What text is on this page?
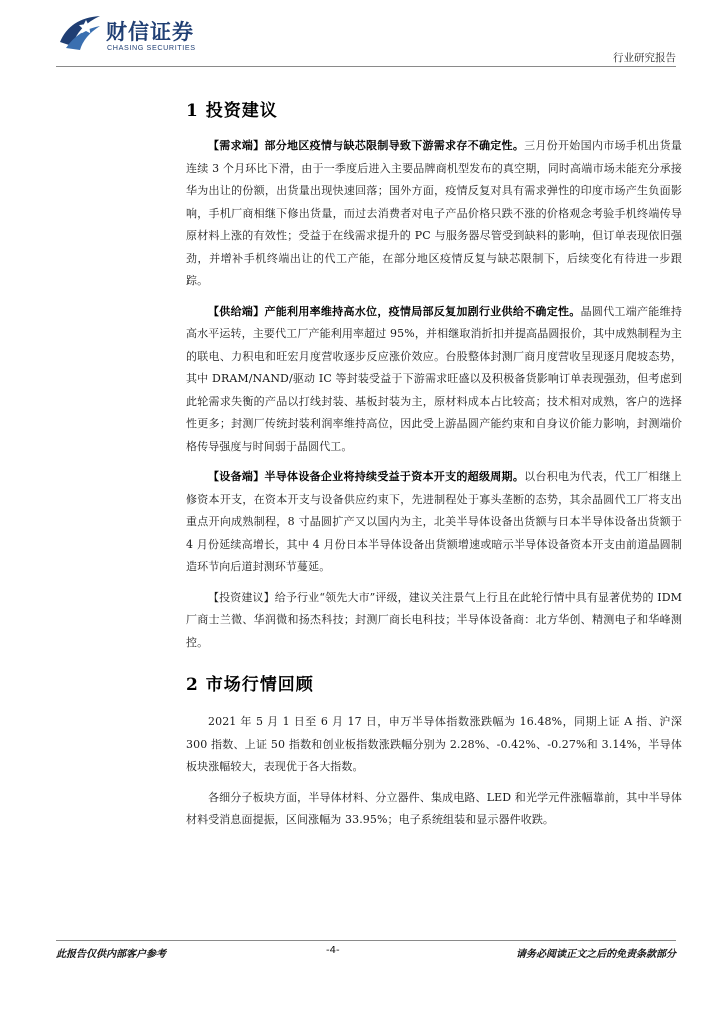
财信证券
CHASING SECURITIES
行业研究报告
1 投资建议

【需求端】部分地区疫情与缺芯限制导致下游需求存不确定性。三月份开始国内市场手机出货量连续 3 个月环比下滑，由于一季度后进入主要品牌商机型发布的真空期，同时高端市场未能充分承接华为出让的份额，出货量出现快速回落；国外方面，疫情反复对具有需求弹性的印度市场产生负面影响，手机厂商相继下修出货量，而过去消费者对电子产品价格只跌不涨的价格观念考验手机终端传导原材料上涨的有效性；受益于在线需求提升的 PC 与服务器尽管受到缺料的影响，但订单表现依旧强劲，并增补手机终端出让的代工产能，在部分地区疫情反复与缺芯限制下，后续变化有待进一步跟踪。

【供给端】产能利用率维持高水位，疫情局部反复加剧行业供给不确定性。晶圆代工端产能维持高水平运转，主要代工厂产能利用率超过 95%，并相继取消折扣并提高晶圆报价，其中成熟制程为主的联电、力积电和旺宏月度营收逐步反应涨价效应。台股整体封测厂商月度营收呈现逐月爬坡态势，其中 DRAM/NAND/驱动 IC 等封装受益于下游需求旺盛以及积极备货影响订单表现强劲，但考虑到此轮需求失衡的产品以打线封装、基板封装为主，原材料成本占比较高；技术相对成熟，客户的选择性更多；封测厂传统封装利润率维持高位，因此受上游晶圆产能约束和自身议价能力影响，封测端价格传导强度与时间弱于晶圆代工。

【设备端】半导体设备企业将持续受益于资本开支的超级周期。以台积电为代表，代工厂相继上修资本开支，在资本开支与设备供应约束下，先进制程处于寡头垄断的态势，其余晶圆代工厂将支出重点开向成熟制程，8 寸晶圆扩产又以国内为主，北美半导体设备出货额与日本半导体设备出货额于 4 月份延续高增长，其中 4 月份日本半导体设备出货额增速或暗示半导体设备资本开支由前道晶圆制造环节向后道封测环节蔓延。

【投资建议】给予行业“领先大市”评级，建议关注景气上行且在此轮行情中具有显著优势的 IDM 厂商士兰微、华润微和扬杰科技；封测厂商长电科技；半导体设备商：北方华创、精测电子和华峰测控。

2 市场行情回顾

2021 年 5 月 1 日至 6 月 17 日，申万半导体指数涨跌幅为 16.48%，同期上证 A 指、沪深 300 指数、上证 50 指数和创业板指数涨跌幅分别为 2.28%、-0.42%、-0.27%和 3.14%，半导体板块涨幅较大，表现优于各大指数。

各细分子板块方面，半导体材料、分立器件、集成电路、LED 和光学元件涨幅靠前，其中半导体材料受消息面提振，区间涨幅为 33.95%；电子系统组装和显示器件收跌。

此报告仅供内部客户参考	-4-	请务必阅读正文之后的免责条款部分
